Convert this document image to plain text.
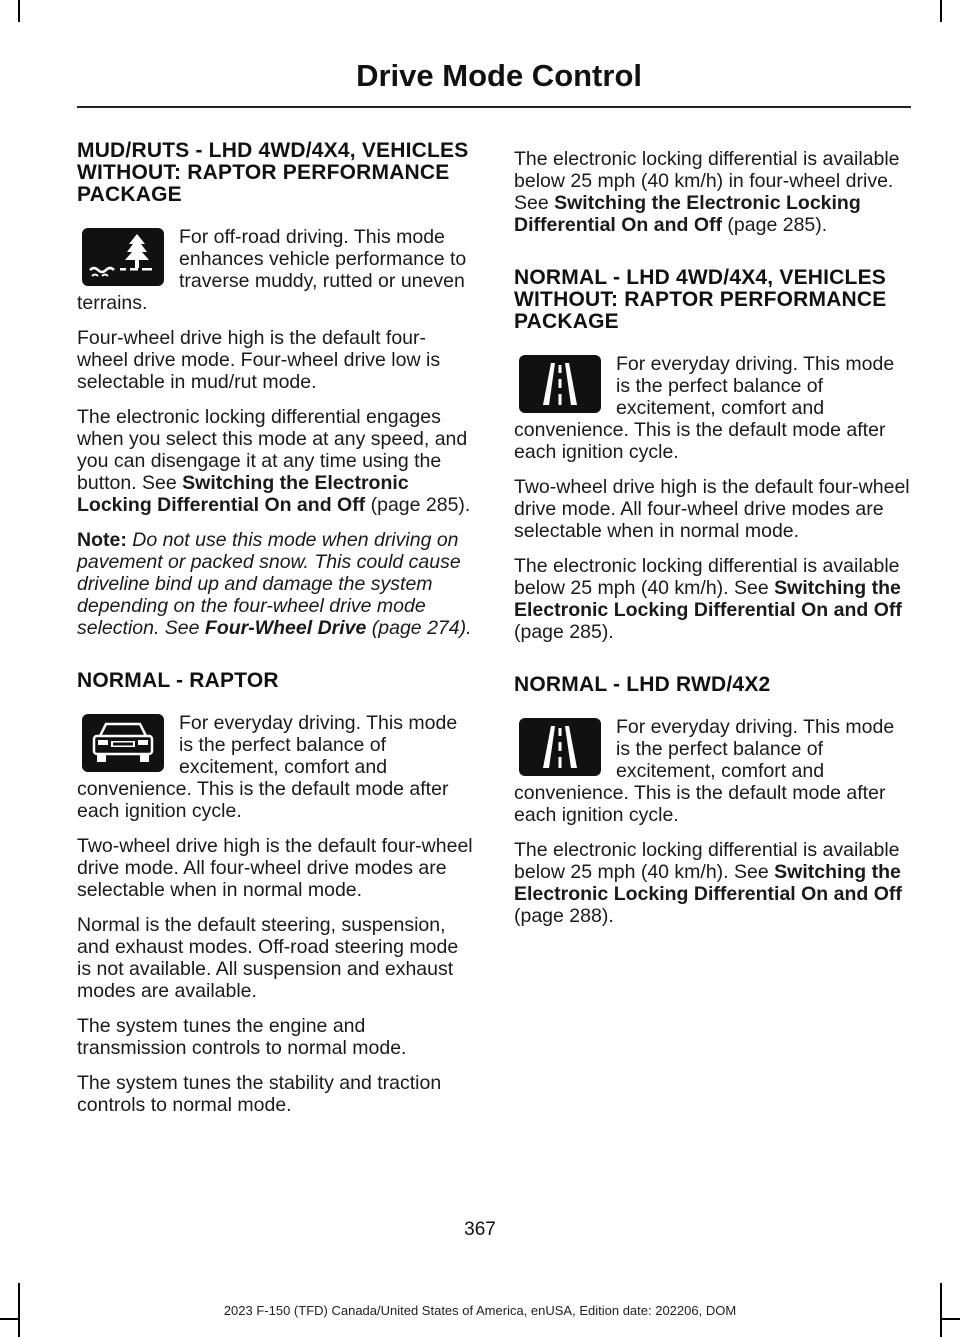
Drive Mode Control
MUD/RUTS - LHD 4WD/4X4, VEHICLES WITHOUT: RAPTOR PERFORMANCE PACKAGE

For off-road driving. This mode enhances vehicle performance to traverse muddy, rutted or uneven terrains.

Four-wheel drive high is the default four-wheel drive mode. Four-wheel drive low is selectable in mud/rut mode.

The electronic locking differential engages when you select this mode at any speed, and you can disengage it at any time using the button. See Switching the Electronic Locking Differential On and Off (page 285).

Note: Do not use this mode when driving on pavement or packed snow. This could cause driveline bind up and damage the system depending on the four-wheel drive mode selection. See Four-Wheel Drive (page 274).

NORMAL - RAPTOR

For everyday driving. This mode is the perfect balance of excitement, comfort and convenience. This is the default mode after each ignition cycle.

Two-wheel drive high is the default four-wheel drive mode. All four-wheel drive modes are selectable when in normal mode.

Normal is the default steering, suspension, and exhaust modes. Off-road steering mode is not available. All suspension and exhaust modes are available.

The system tunes the engine and transmission controls to normal mode.

The system tunes the stability and traction controls to normal mode.

The electronic locking differential is available below 25 mph (40 km/h) in four-wheel drive. See Switching the Electronic Locking Differential On and Off (page 285).

NORMAL - LHD 4WD/4X4, VEHICLES WITHOUT: RAPTOR PERFORMANCE PACKAGE

For everyday driving. This mode is the perfect balance of excitement, comfort and convenience. This is the default mode after each ignition cycle.

Two-wheel drive high is the default four-wheel drive mode. All four-wheel drive modes are selectable when in normal mode.

The electronic locking differential is available below 25 mph (40 km/h). See Switching the Electronic Locking Differential On and Off (page 285).

NORMAL - LHD RWD/4X2

For everyday driving. This mode is the perfect balance of excitement, comfort and convenience. This is the default mode after each ignition cycle.

The electronic locking differential is available below 25 mph (40 km/h). See Switching the Electronic Locking Differential On and Off (page 288).

367
2023 F-150 (TFD) Canada/United States of America, enUSA, Edition date: 202206, DOM
